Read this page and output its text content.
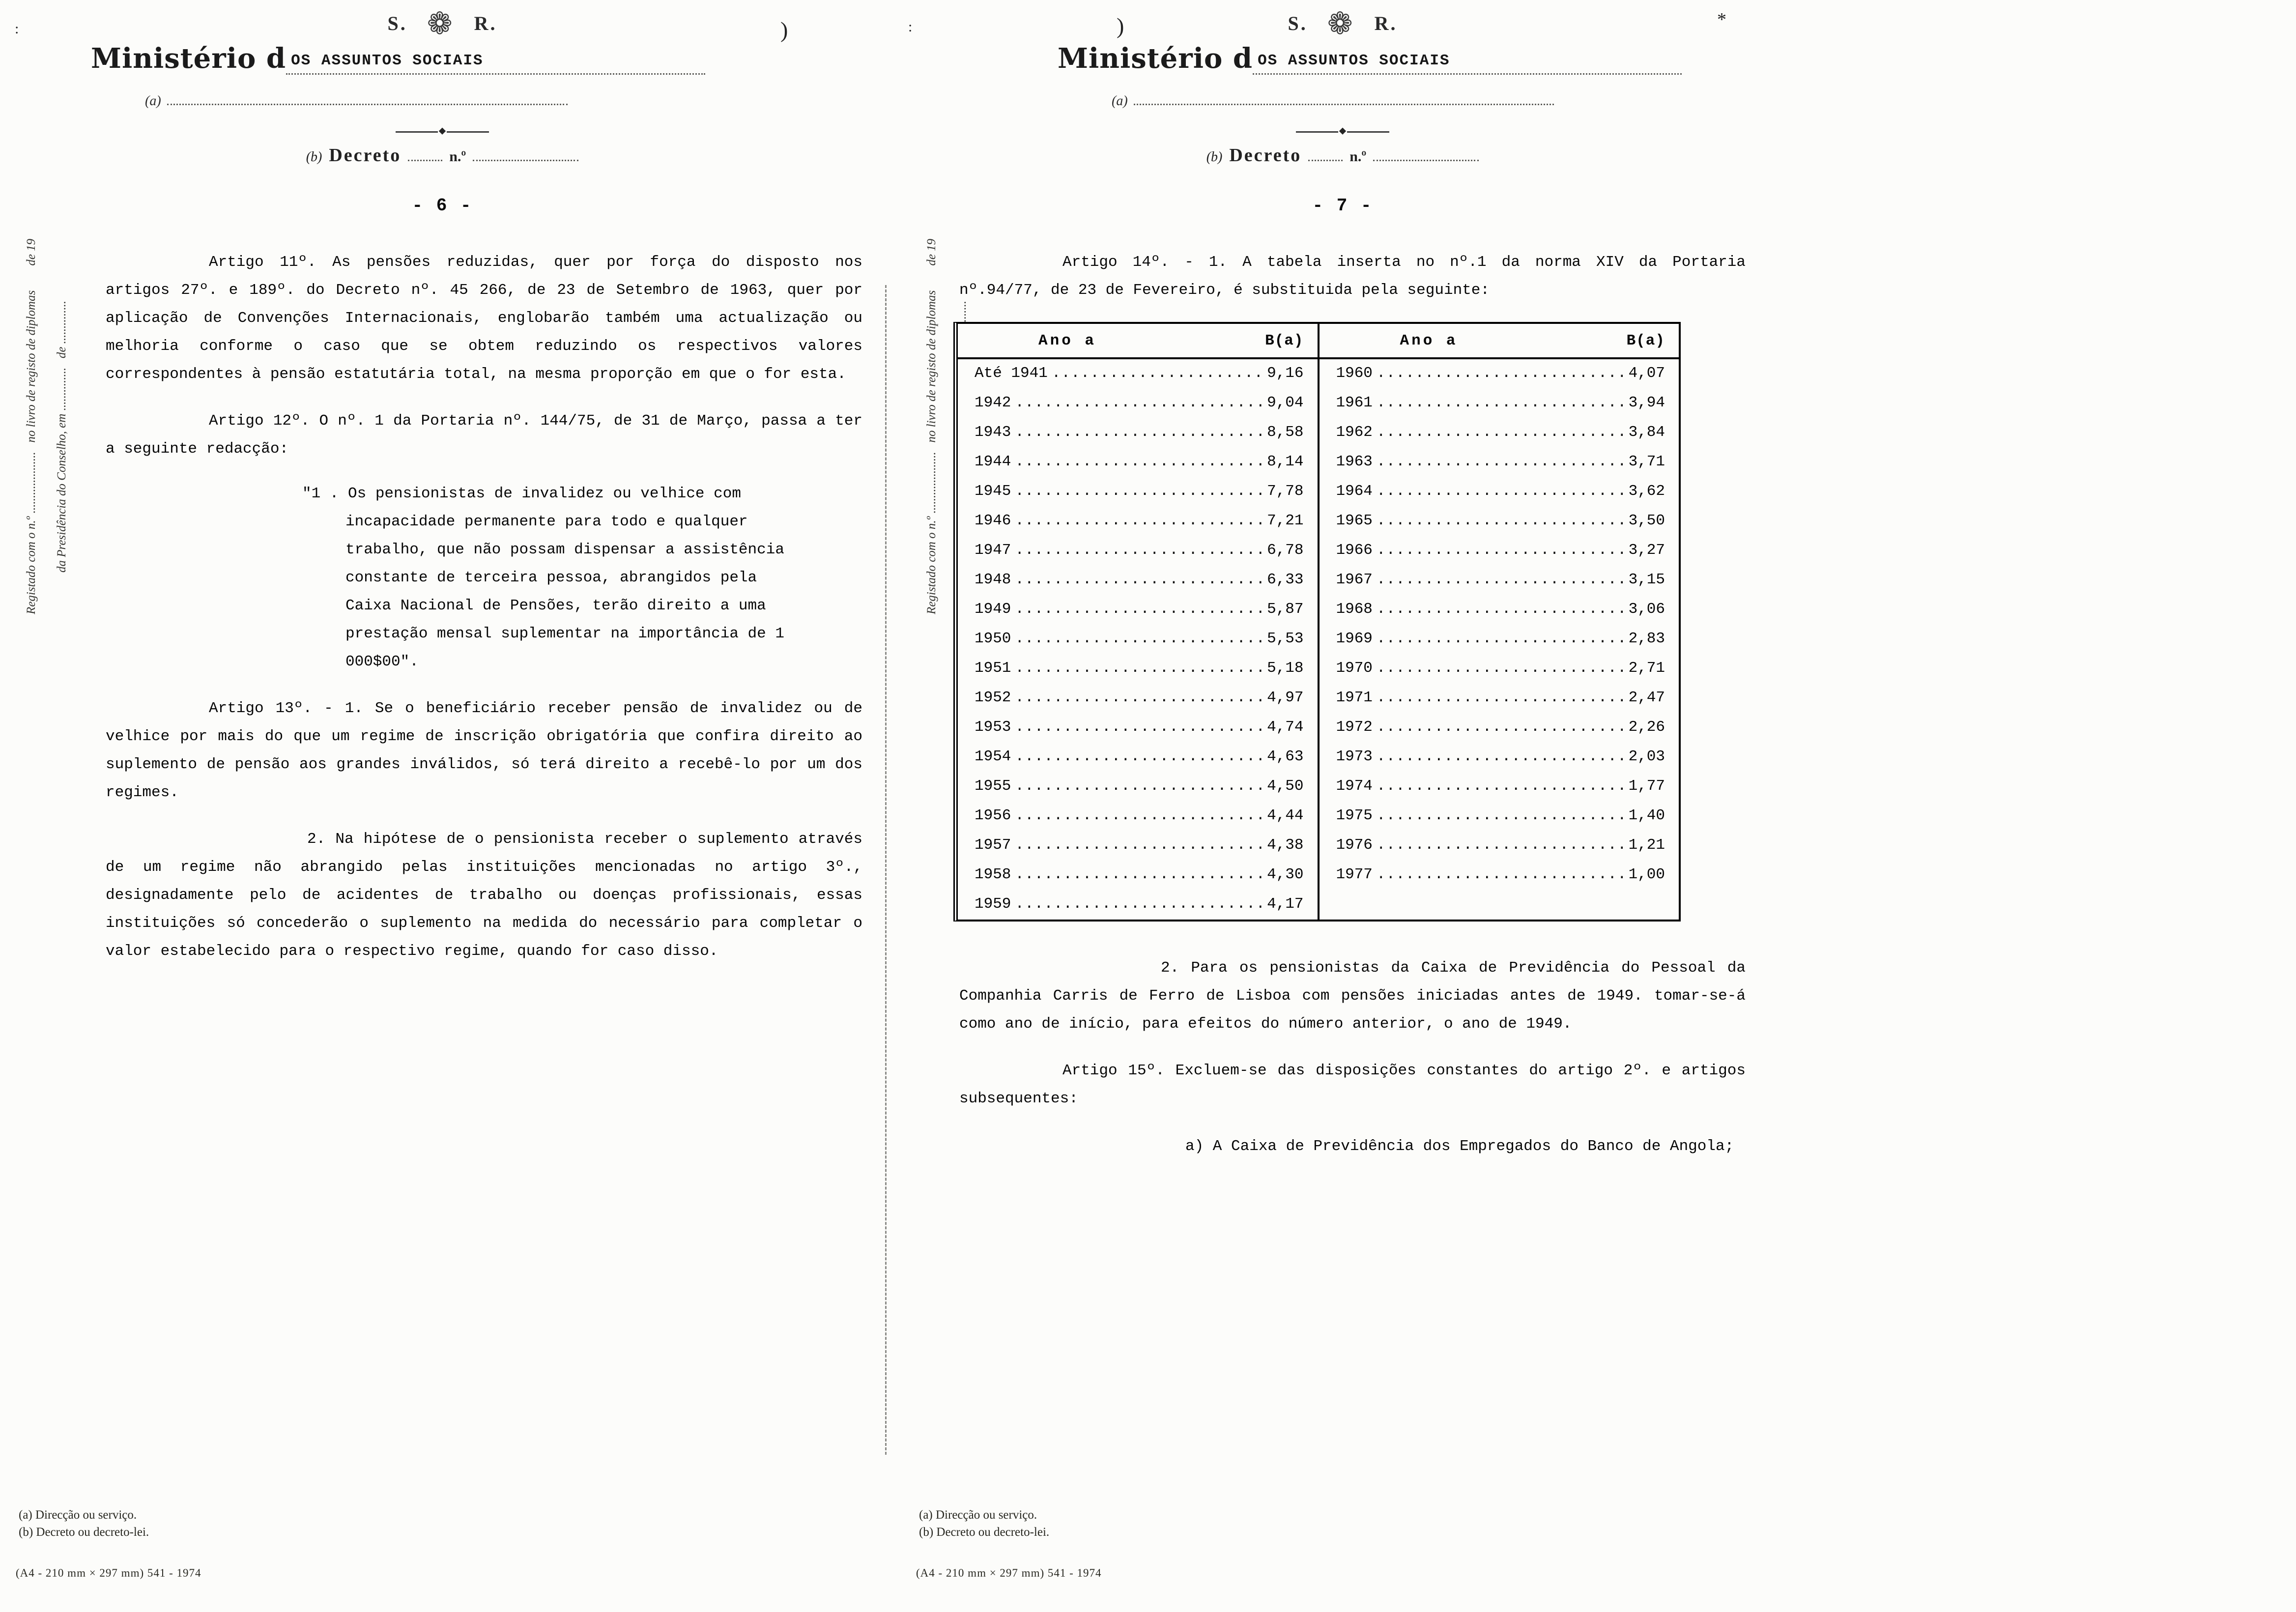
S. ❁ R.
Ministério d OS ASSUNTOS SOCIAIS
(a)
◆
(b) Decreto	n.º
- 6 -
Registado com o n.º ....................   no livro de registo de diplomas        de 19 da Presidência do Conselho, em ..............   de ..............

Artigo 11º. As pensões reduzidas, quer por força do disposto nos artigos 27º. e 189º. do Decreto nº. 45 266, de 23 de Setembro de 1963, quer por aplicação de Convenções Internacionais, englobarão também uma actualização ou melhoria conforme o caso que se obtem reduzindo os respectivos valores correspondentes à pensão estatutária total, na mesma proporção em que o for esta.

Artigo 12º. O nº. 1 da Portaria nº. 144/75, de 31 de Março, passa a ter a seguinte redacção:

"1 . Os pensionistas de invalidez ou velhice com incapacidade permanente para todo e qualquer trabalho, que não possam dispensar a assistência constante de terceira pessoa, abrangidos pela Caixa Nacional de Pensões, terão direito a uma prestação mensal suplementar na importância de 1 000$00".

Artigo 13º. - 1. Se o beneficiário receber pensão de invalidez ou de velhice por mais do que um regime de inscrição obrigatória que confira direito ao suplemento de pensão aos grandes inválidos, só terá direito a recebê-lo por um dos regimes.

2. Na hipótese de o pensionista receber o suplemento através de um regime não abrangido pelas instituições mencionadas no artigo 3º., designadamente pelo de acidentes de trabalho ou doenças profissionais, essas instituições só concederão o suplemento na medida do necessário para completar o valor estabelecido para o respectivo regime, quando for caso disso.

(a) Direcção ou serviço.
(b) Decreto ou decreto-lei.
(A4 - 210 mm × 297 mm) 541 - 1974
S. ❁ R.
Ministério d OS ASSUNTOS SOCIAIS
(a)
◆
(b) Decreto	n.º
- 7 -
Registado com o n.º ....................   no livro de registo de diplomas        de 19	Artigo 14º. - 1. A tabela inserta no nº.1 da norma XIV da Portaria nº.94/77, de 23 de Fevereiro, é substituida pela seguinte:

Ano a	B(a)	Ano a	B(a)
Até 1941 .....	9,16 1960 .....	4,07
1942 .....	9,04 1961 .....	3,94
1943 .....	8,58 1962 .....	3,84
1944 .....	8,14 1963 .....	3,71
1945 .....	7,78 1964 .....	3,62
1946 .....	7,21 1965 .....	3,50
1947 .....	6,78 1966 .....	3,27
1948 .....	6,33 1967 .....	3,15
1949 .....	5,87 1968 .....	3,06
1950 .....	5,53 1969 .....	2,83
1951 .....	5,18 1970 .....	2,71
1952 .....	4,97 1971 .....	2,47
1953 .....	4,74 1972 .....	2,26
1954 .....	4,63 1973 .....	2,03
1955 .....	4,50 1974 .....	1,77
1956 .....	4,44 1975 .....	1,40
1957 .....	4,38 1976 .....	1,21
1958 .....	4,30 1977 .....	1,00
1959 .....	4,17

2. Para os pensionistas da Caixa de Previdência do Pessoal da Companhia Carris de Ferro de Lisboa com pensões iniciadas antes de 1949. tomar-se-á como ano de início, para efeitos do número anterior, o ano de 1949.

Artigo 15º. Excluem-se das disposições constantes do artigo 2º. e artigos subsequentes:

a) A Caixa de Previdência dos Empregados do Banco de Angola;

(a) Direcção ou serviço.
(b) Decreto ou decreto-lei.
(A4 - 210 mm × 297 mm) 541 - 1974
)	)	*
:	:
